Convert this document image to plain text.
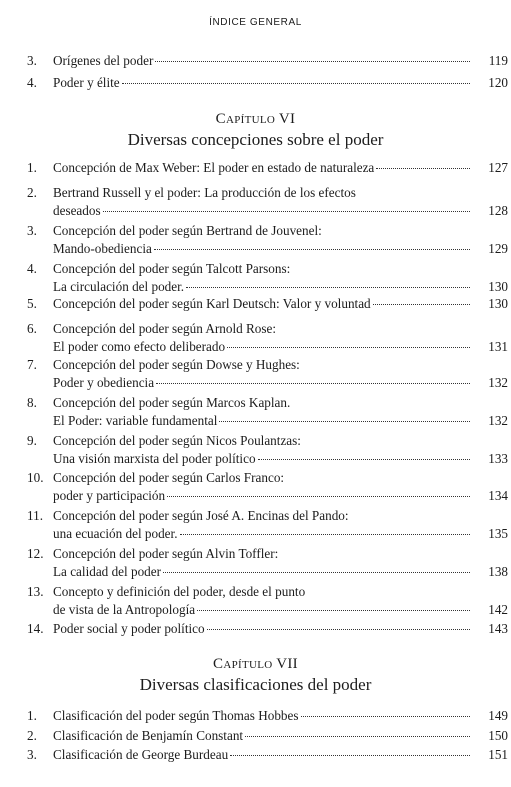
ÍNDICE GENERAL
3. Orígenes del poder	119
4. Poder y élite	120
Capítulo VI
Diversas concepciones sobre el poder
1. Concepción de Max Weber: El poder en estado de naturaleza	127
2. Bertrand Russell y el poder: La producción de los efectos
deseados	128
3. Concepción del poder según Bertrand de Jouvenel:
Mando-obediencia	129
4. Concepción del poder según Talcott Parsons:
La circulación del poder.	130
5. Concepción del poder según Karl Deutsch: Valor y voluntad	130
6. Concepción del poder según Arnold Rose:
El poder como efecto deliberado	131
7. Concepción del poder según Dowse y Hughes:
Poder y obediencia	132
8. Concepción del poder según Marcos Kaplan.
El Poder: variable fundamental	132
9. Concepción del poder según Nicos Poulantzas:
Una visión marxista del poder político	133
10. Concepción del poder según Carlos Franco:
poder y participación	134
11. Concepción del poder según José A. Encinas del Pando:
una ecuación del poder.	135
12. Concepción del poder según Alvin Toffler:
La calidad del poder	138
13. Concepto y definición del poder, desde el punto
de vista de la Antropología	142
14. Poder social y poder político	143
Capítulo VII
Diversas clasificaciones del poder
1. Clasificación del poder según Thomas Hobbes	149
2. Clasificación de Benjamín Constant	150
3. Clasificación de George Burdeau	151
